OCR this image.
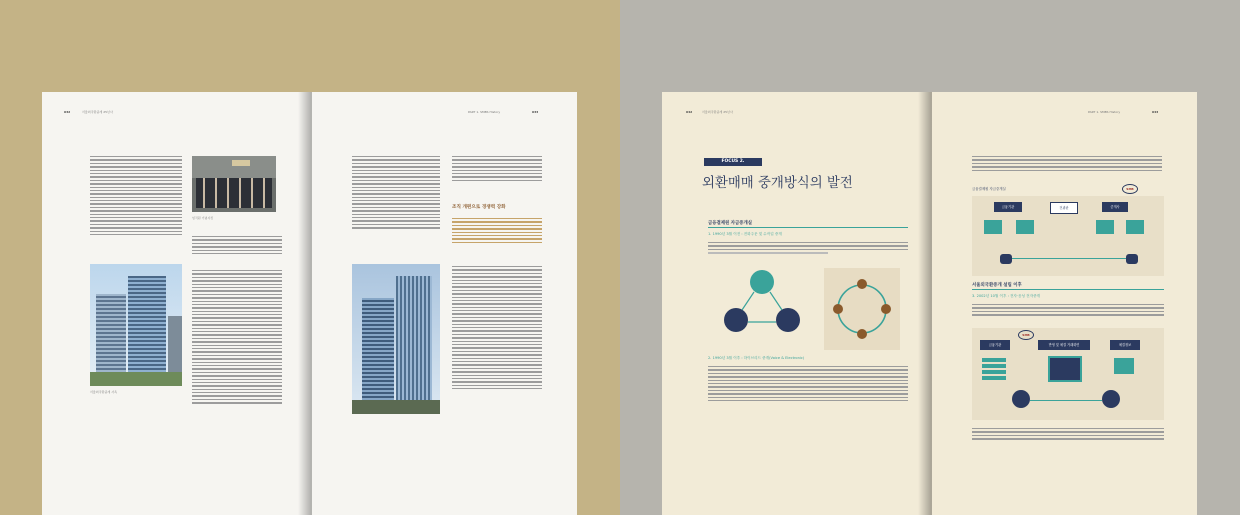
032	서울외국환중개 25년사
임직원 기념사진
서울외국환중개 사옥
PART 1. SMBS History	033
조직 개편으로 경쟁력 강화
042	서울외국환중개 25년사
FOCUS 2.
외환매매 중개방식의 발전
금융결제원 자금중개실
1. 1990년 3월 이전 : 전화주문 및 수작업 중개
2. 1990년 3월 이후 : 하이브리드 중개(Voice & Electronic)
PART 1. SMBS History	043
금융결제원 자금중개실	SMB
금융기관	전광판	중개사
서울외국환중개 설립 이후
3. 2002년 10월 이후 : 전자·음성 전자중개
SMB
금융기관	반영 및 체결 거래화면	체결정보
